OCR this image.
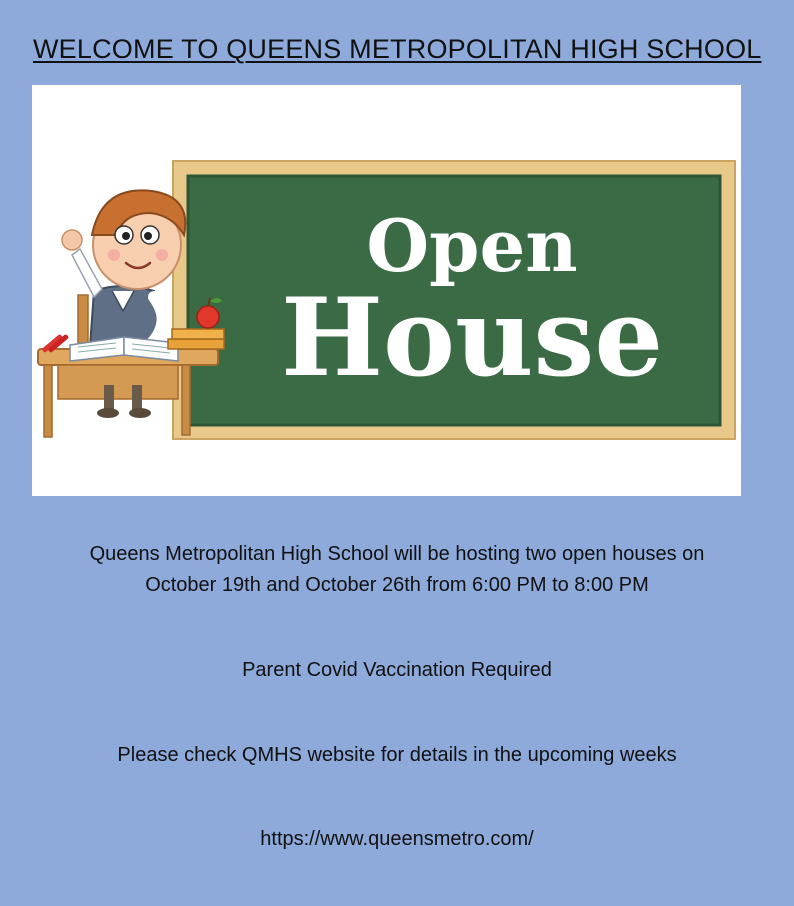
WELCOME TO QUEENS METROPOLITAN HIGH SCHOOL
Open
House
Queens Metropolitan High School will be hosting two open houses on
October 19th and October 26th from 6:00 PM to 8:00 PM
Parent Covid Vaccination Required
Please check QMHS website for details in the upcoming weeks
https://www.queensmetro.com/
